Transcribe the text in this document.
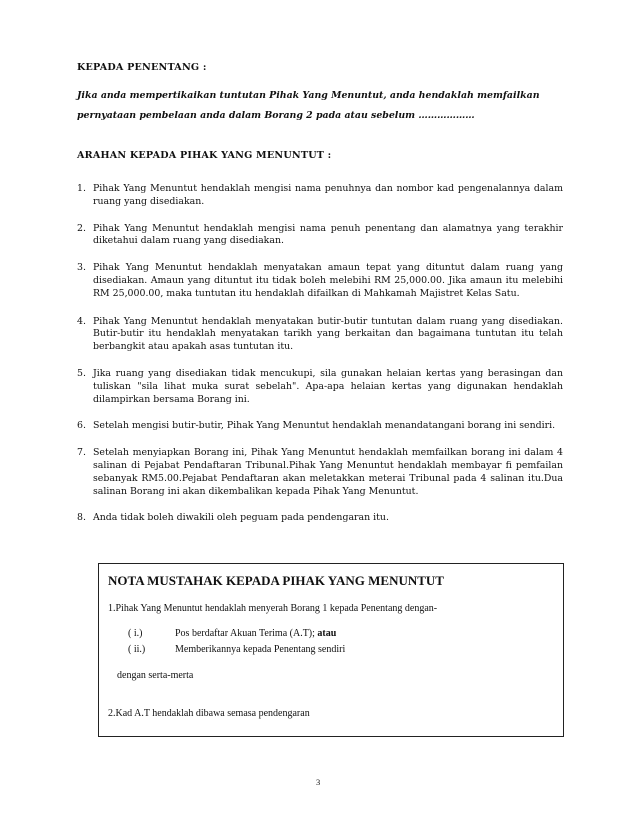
KEPADA PENENTANG :
Jika anda mempertikaikan tuntutan Pihak Yang Menuntut, anda hendaklah memfailkan
pernyataan pembelaan anda dalam Borang 2 pada atau sebelum ………………
ARAHAN KEPADA PIHAK YANG MENUNTUT :
1. Pihak Yang Menuntut hendaklah mengisi nama penuhnya dan nombor kad pengenalannya dalam ruang yang disediakan.
2. Pihak Yang Menuntut hendaklah mengisi nama penuh penentang dan alamatnya yang terakhir diketahui dalam ruang yang disediakan.
3. Pihak Yang Menuntut hendaklah menyatakan amaun tepat yang dituntut dalam ruang yang disediakan. Amaun yang dituntut itu tidak boleh melebihi RM 25,000.00. Jika amaun itu melebihi RM 25,000.00, maka tuntutan itu hendaklah difailkan di Mahkamah Majistret Kelas Satu.
4. Pihak Yang Menuntut hendaklah menyatakan butir-butir tuntutan dalam ruang yang disediakan. Butir-butir itu hendaklah menyatakan tarikh yang berkaitan dan bagaimana tuntutan itu telah berbangkit atau apakah asas tuntutan itu.
5. Jika ruang yang disediakan tidak mencukupi, sila gunakan helaian kertas yang berasingan dan tuliskan "sila lihat muka surat sebelah". Apa-apa helaian kertas yang digunakan hendaklah dilampirkan bersama Borang ini.
6. Setelah mengisi butir-butir, Pihak Yang Menuntut hendaklah menandatangani borang ini sendiri.
7. Setelah menyiapkan Borang ini, Pihak Yang Menuntut hendaklah memfailkan borang ini dalam 4 salinan di Pejabat Pendaftaran Tribunal.Pihak Yang Menuntut hendaklah membayar fi pemfailan sebanyak RM5.00.Pejabat Pendaftaran akan meletakkan meterai Tribunal pada 4 salinan itu.Dua salinan Borang ini akan dikembalikan kepada Pihak Yang Menuntut.
8. Anda tidak boleh diwakili oleh peguam pada pendengaran itu.
NOTA MUSTAHAK KEPADA PIHAK YANG MENUNTUT
1.Pihak Yang Menuntut hendaklah menyerah Borang 1 kepada Penentang dengan-
( i.)	Pos berdaftar Akuan Terima (A.T); atau
( ii.)	Memberikannya kepada Penentang sendiri
dengan serta-merta
2.Kad A.T hendaklah dibawa semasa pendengaran
3
